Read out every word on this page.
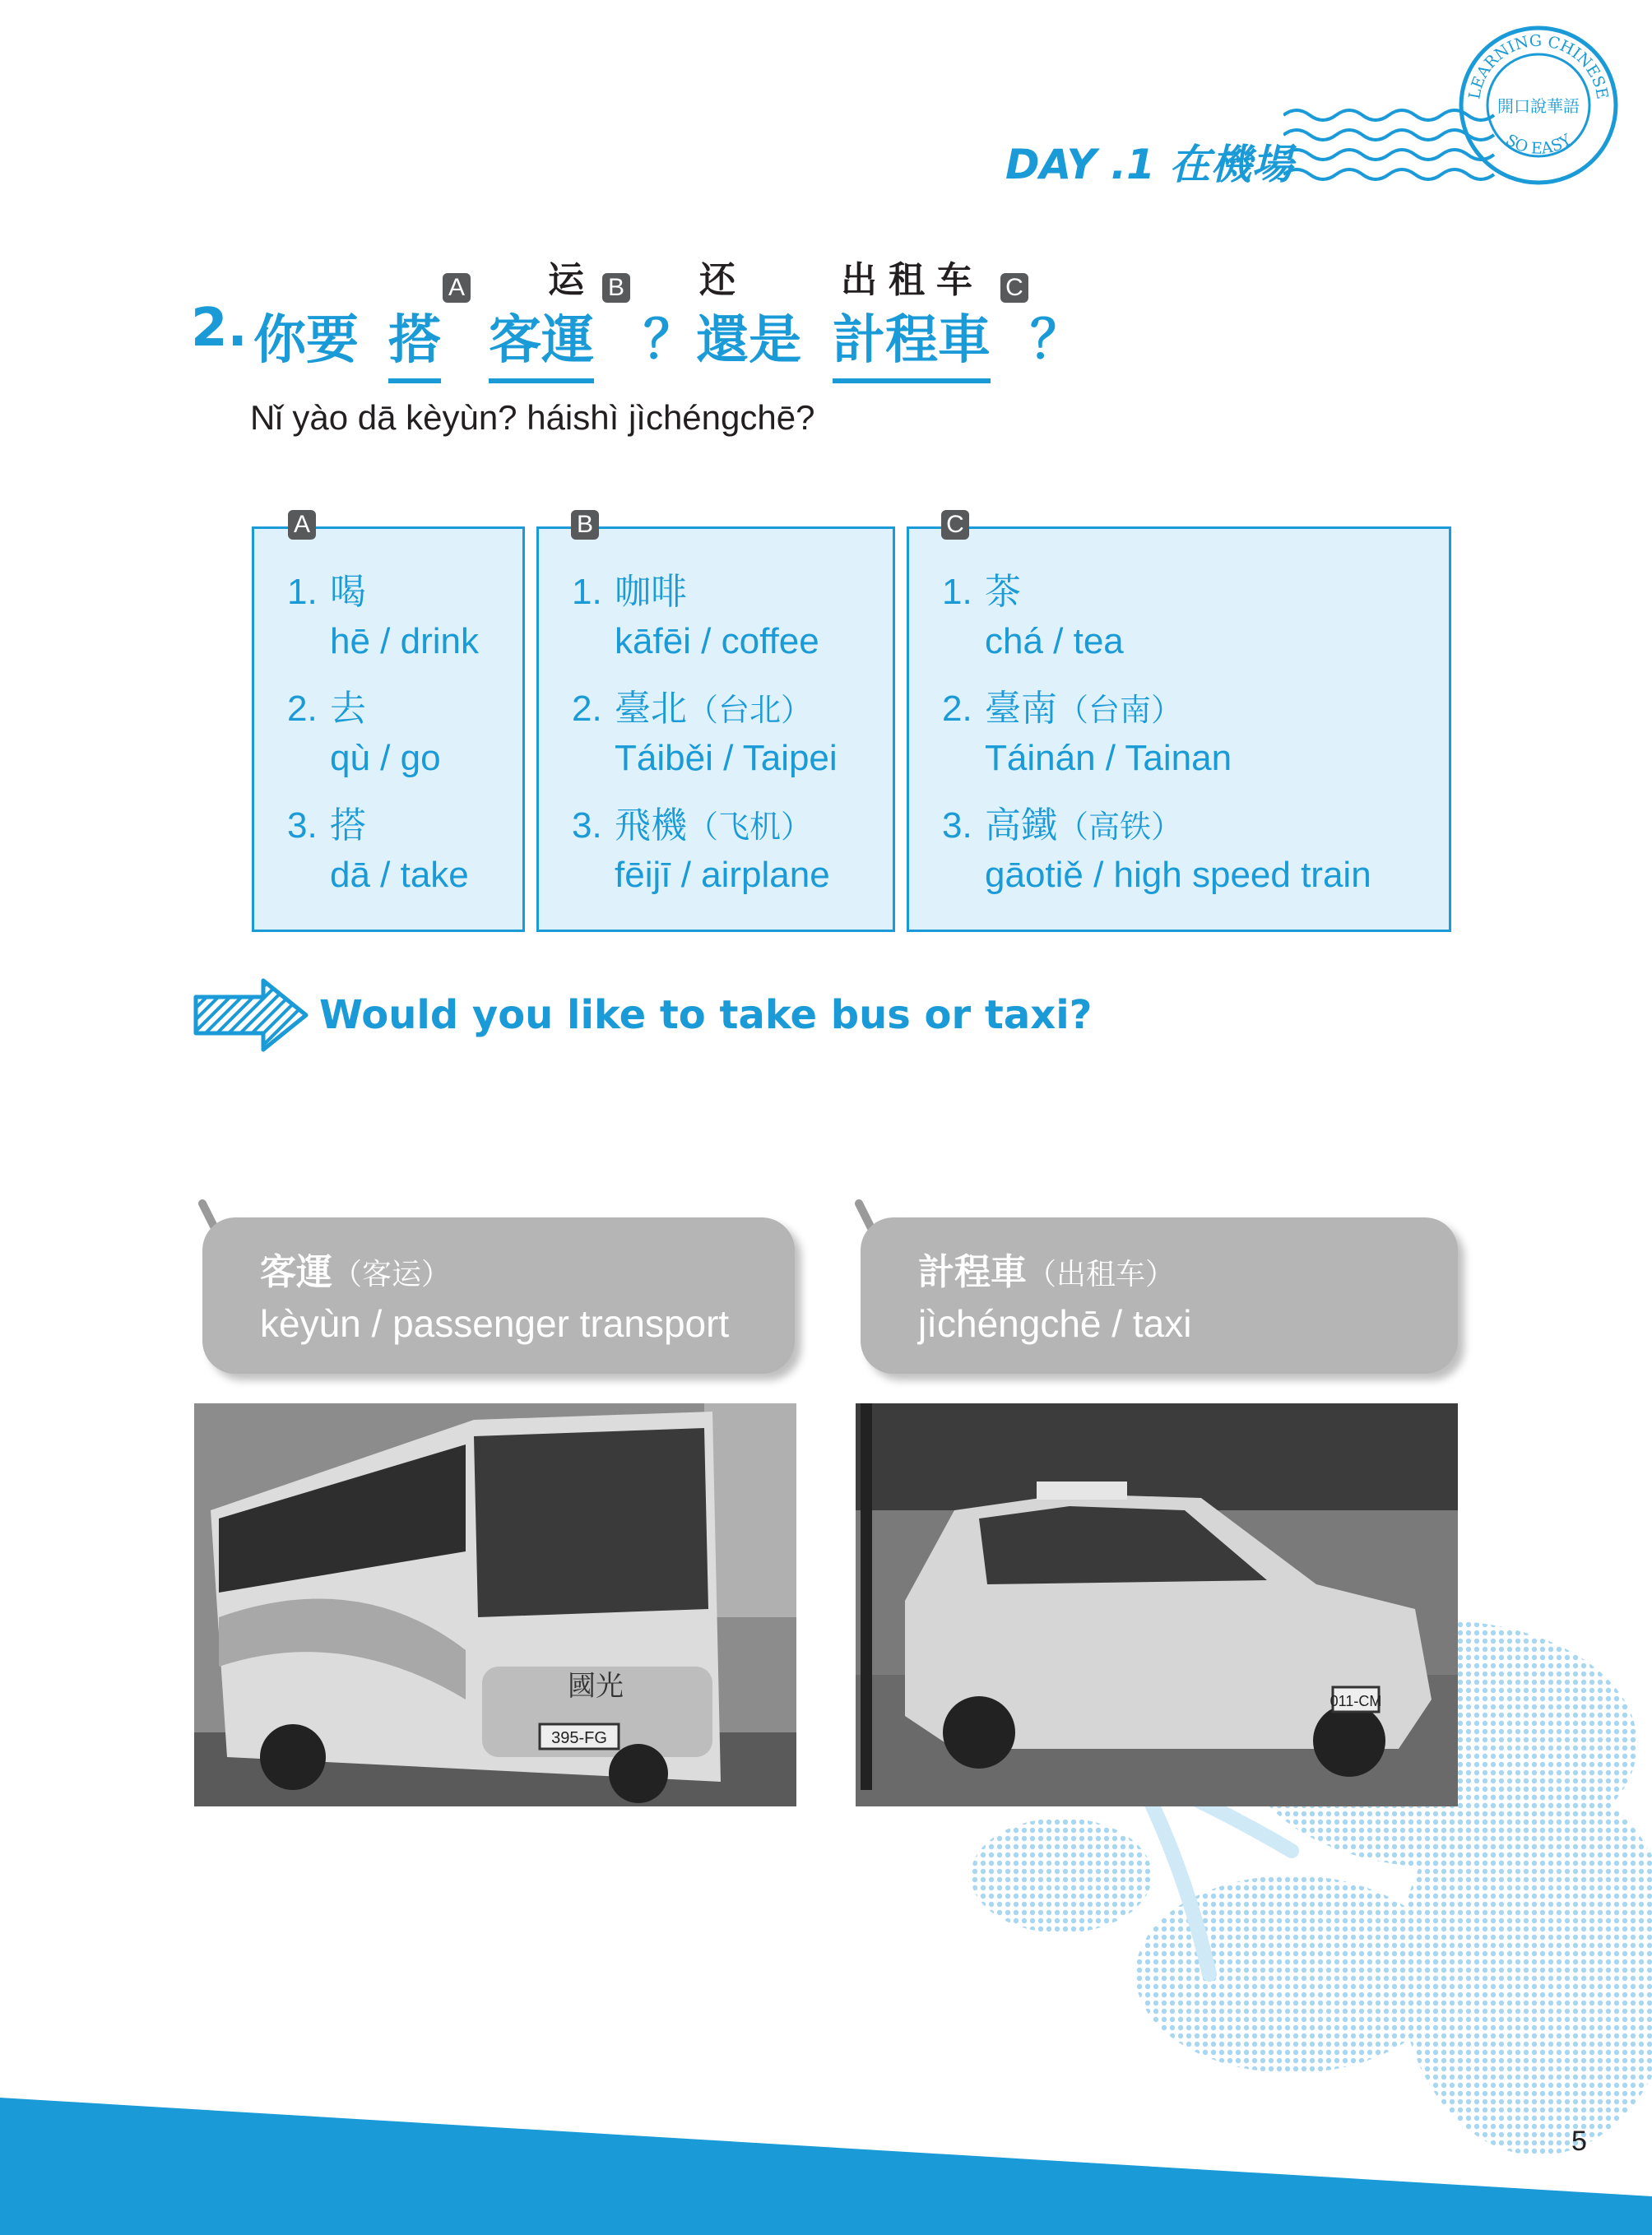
LEARNING CHINESE
SO EASY
開口說華語
DAY .1 在機場
2. 你要 搭
A
客運
运 B
？還是
还
計程車
出租车 C
？
Nǐ yào dā kèyùn? háishì jìchéngchē?
1. 喝
hē / drink
2. 去
qù / go
3. 搭
dā / take
A
1. 咖啡
kāfēi / coffee
2. 臺北（台北）
Táiběi / Taipei
3. 飛機（飞机）
fēijī / airplane
B
1. 茶
chá / tea
2. 臺南（台南）
Táinán / Tainan
3. 高鐵（高铁）
gāotiě / high speed train
C
Would you like to take bus or taxi?
客運（客运）
kèyùn / passenger transport
計程車（出租车）
jìchéngchē / taxi
395-FG
國光	011-CM
5
